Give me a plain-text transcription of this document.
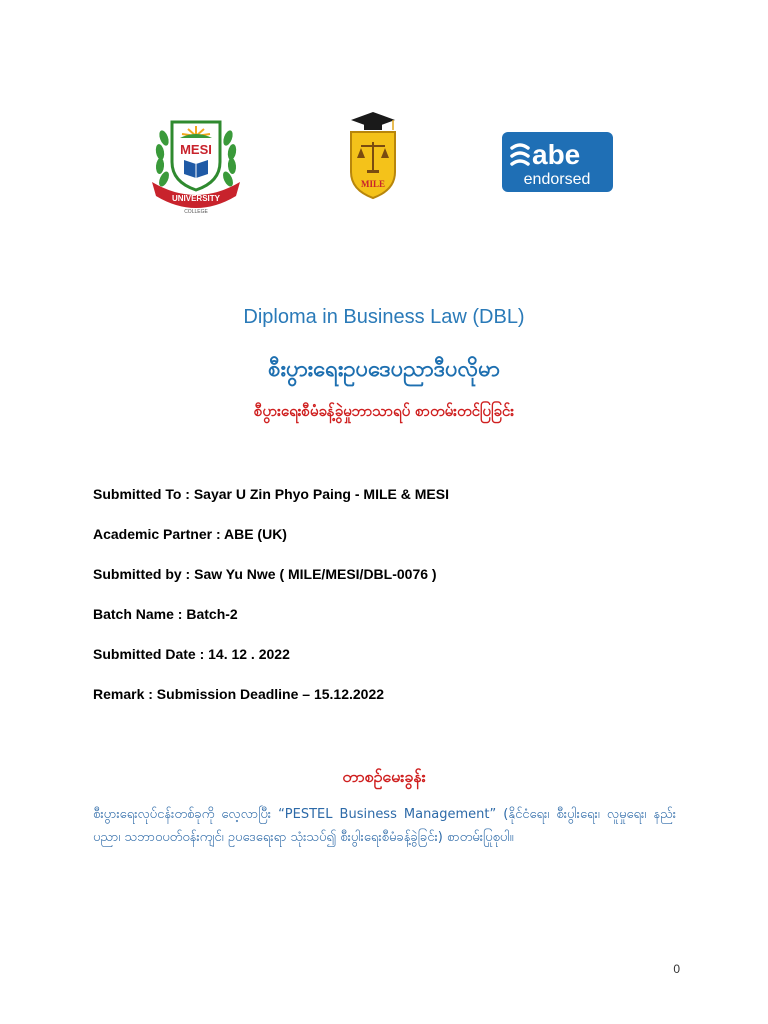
MESI
UNIVERSITY
COLLEGE
MILE
abe
endorsed
Diploma in Business Law (DBL)
စီးပွားရေးဥပဒေပညာဒီပလိုမာ
စီပွားရေးစီမံခန့်ခွဲမှုဘာသာရပ် စာတမ်းတင်ပြခြင်း
Submitted To : Sayar U Zin Phyo Paing - MILE & MESI
Academic Partner : ABE (UK)
Submitted by : Saw Yu Nwe ( MILE/MESI/DBL-0076 )
Batch Name : Batch-2
Submitted Date : 14. 12 . 2022
Remark : Submission Deadline – 15.12.2022
တာစဉ်မေးခွန်း
စီးပွားရေးလုပ်ငန်းတစ်ခုကို လေ့လာပြီး “PESTEL Business Management” (နိုင်ငံရေး၊ စီးပွါးရေး၊ လူမှုရေး၊ နည်းပညာ၊ သဘာဝပတ်ဝန်းကျင်၊ ဥပဒေရေးရာ သုံးသပ်၍ စီးပွါးရေးစီမံခန့်ခွဲခြင်း) စာတမ်းပြုစုပါ။
0
